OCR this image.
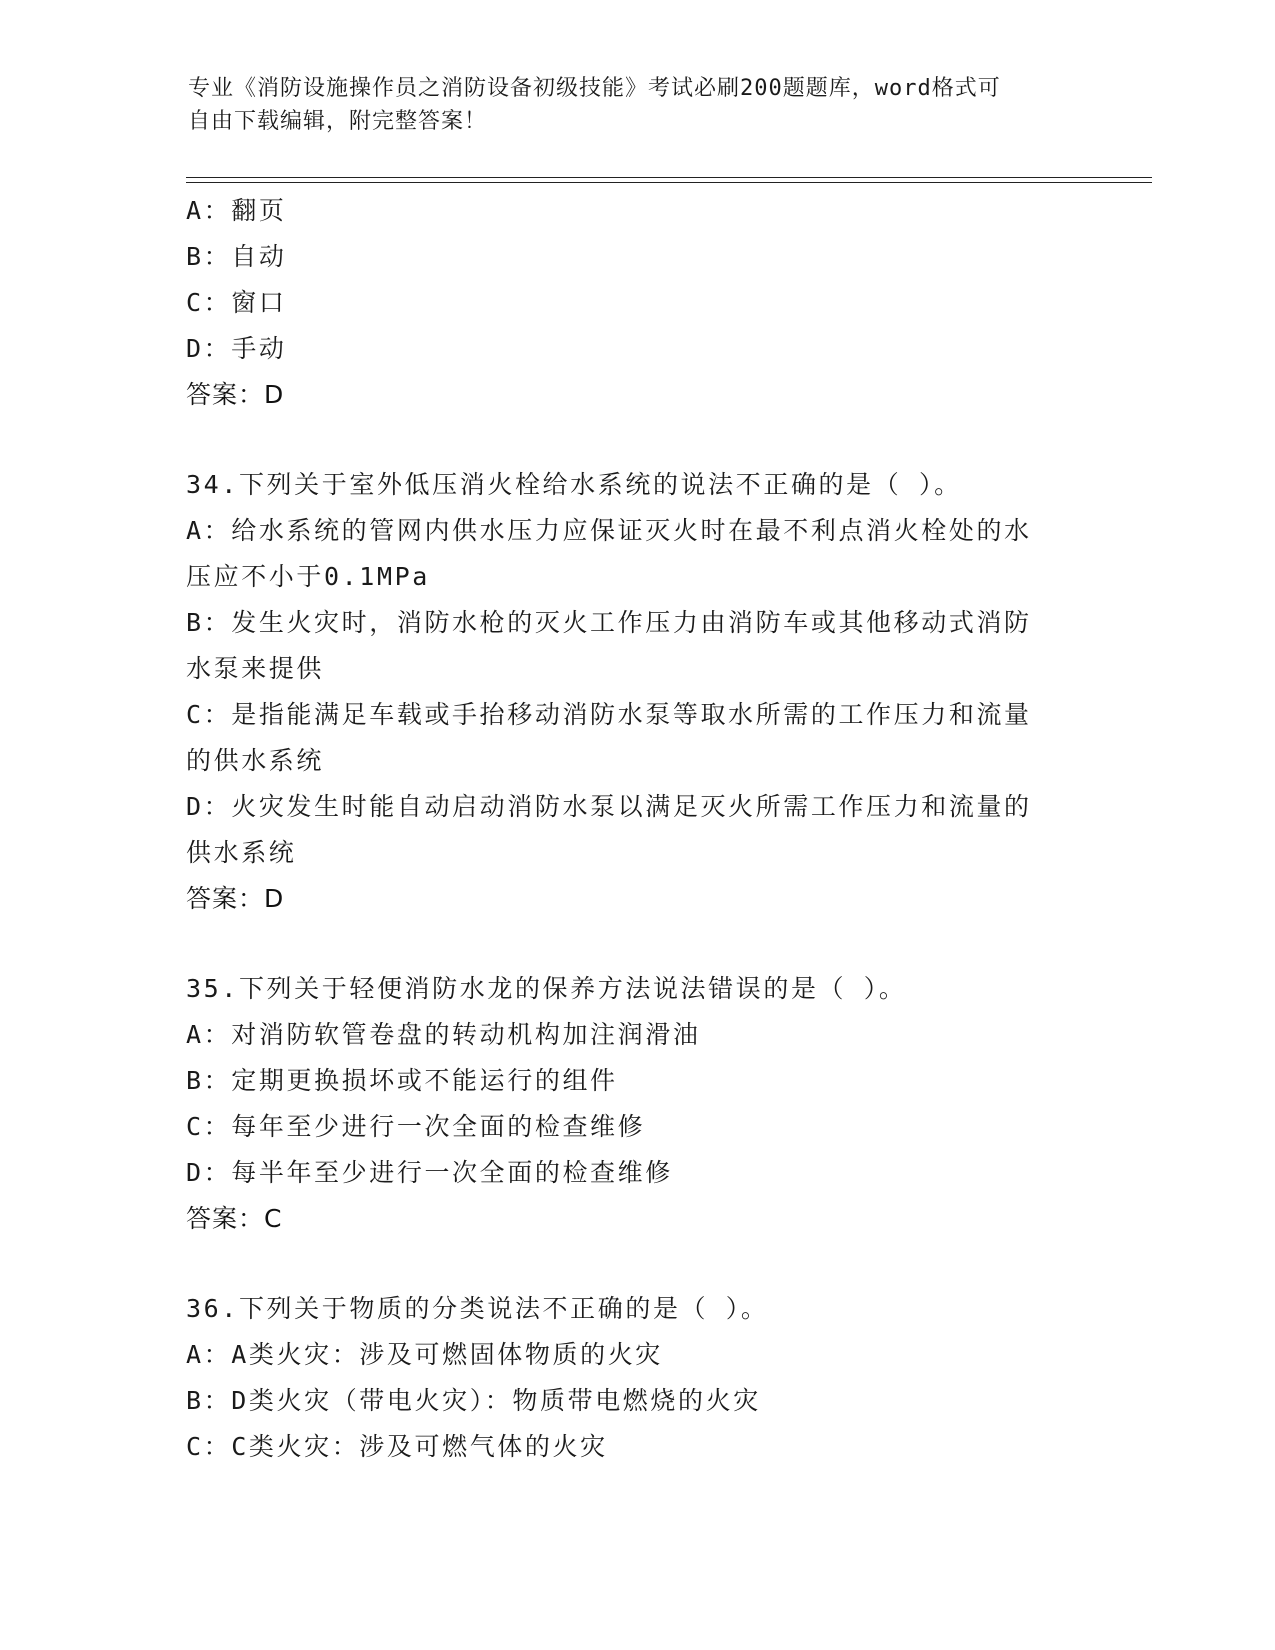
专业《消防设施操作员之消防设备初级技能》考试必刷200题题库，word格式可
自由下载编辑，附完整答案！
A：翻页
B：自动
C：窗口
D：手动
答案：D
34.下列关于室外低压消火栓给水系统的说法不正确的是（ ）。
A：给水系统的管网内供水压力应保证灭火时在最不利点消火栓处的水
压应不小于0.1MPa
B：发生火灾时，消防水枪的灭火工作压力由消防车或其他移动式消防
水泵来提供
C：是指能满足车载或手抬移动消防水泵等取水所需的工作压力和流量
的供水系统
D：火灾发生时能自动启动消防水泵以满足灭火所需工作压力和流量的
供水系统
答案：D
35.下列关于轻便消防水龙的保养方法说法错误的是（ ）。
A：对消防软管卷盘的转动机构加注润滑油
B：定期更换损坏或不能运行的组件
C：每年至少进行一次全面的检查维修
D：每半年至少进行一次全面的检查维修
答案：C
36.下列关于物质的分类说法不正确的是（ ）。
A：A类火灾：涉及可燃固体物质的火灾
B：D类火灾（带电火灾）：物质带电燃烧的火灾
C：C类火灾：涉及可燃气体的火灾
